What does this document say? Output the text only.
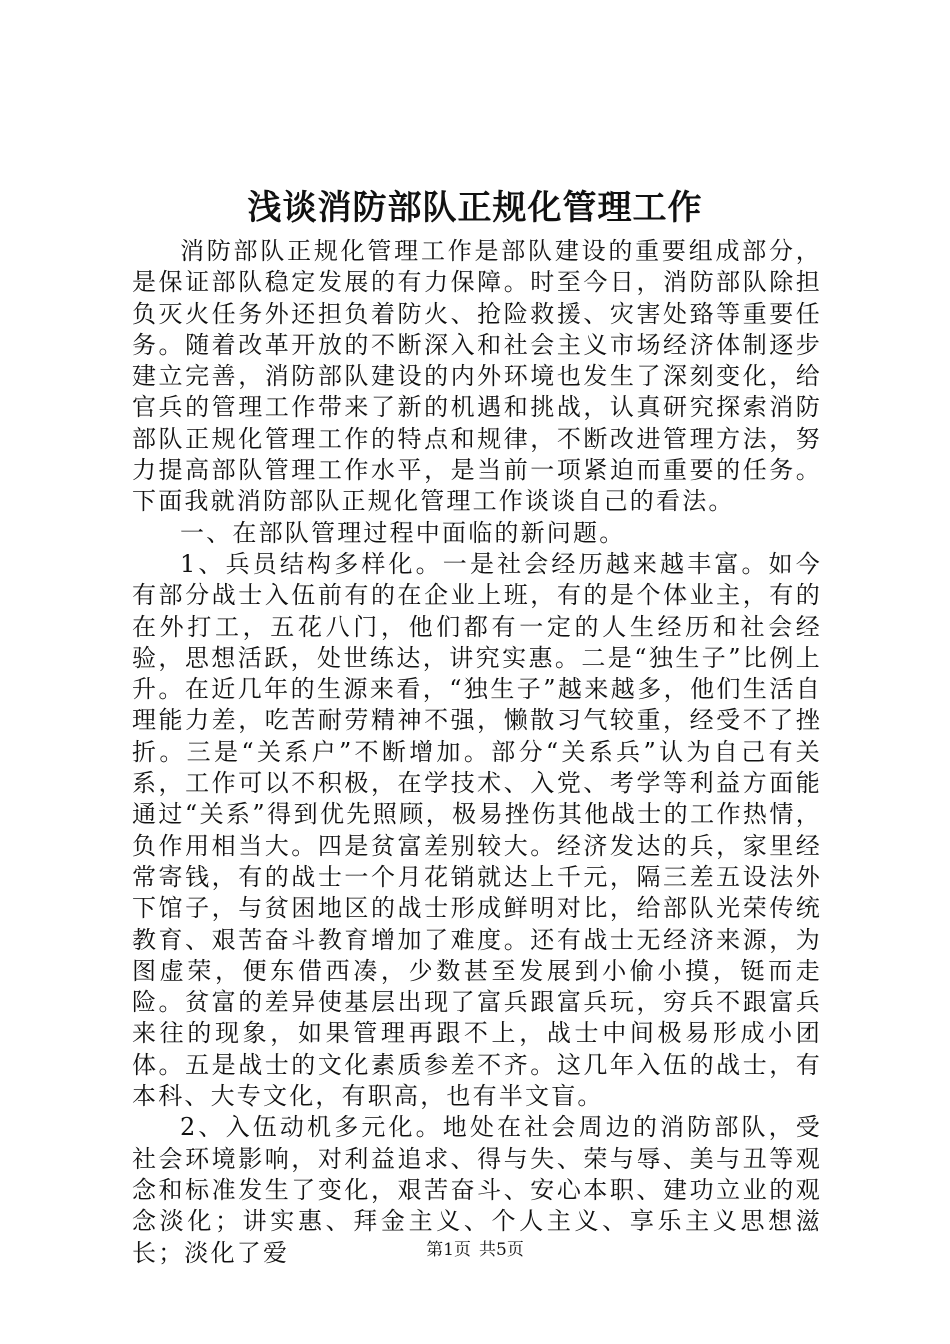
浅谈消防部队正规化管理工作

消防部队正规化管理工作是部队建设的重要组成部分，是保证部队稳定发展的有力保障。时至今日，消防部队除担负灭火任务外还担负着防火、抢险救援、灾害处臵等重要任务。随着改革开放的不断深入和社会主义市场经济体制逐步建立完善，消防部队建设的内外环境也发生了深刻变化，给官兵的管理工作带来了新的机遇和挑战，认真研究探索消防部队正规化管理工作的特点和规律，不断改进管理方法，努力提高部队管理工作水平，是当前一项紧迫而重要的任务。下面我就消防部队正规化管理工作谈谈自己的看法。

一、在部队管理过程中面临的新问题。

1、兵员结构多样化。一是社会经历越来越丰富。如今有部分战士入伍前有的在企业上班，有的是个体业主，有的在外打工，五花八门，他们都有一定的人生经历和社会经验，思想活跃，处世练达，讲究实惠。二是“独生子”比例上升。在近几年的生源来看，“独生子”越来越多，他们生活自理能力差，吃苦耐劳精神不强，懒散习气较重，经受不了挫折。三是“关系户”不断增加。部分“关系兵”认为自己有关系，工作可以不积极，在学技术、入党、考学等利益方面能通过“关系”得到优先照顾，极易挫伤其他战士的工作热情，负作用相当大。四是贫富差别较大。经济发达的兵，家里经常寄钱，有的战士一个月花销就达上千元，隔三差五设法外下馆子，与贫困地区的战士形成鲜明对比，给部队光荣传统教育、艰苦奋斗教育增加了难度。还有战士无经济来源，为图虚荣，便东借西凑，少数甚至发展到小偷小摸，铤而走险。贫富的差异使基层出现了富兵跟富兵玩，穷兵不跟富兵来往的现象，如果管理再跟不上，战士中间极易形成小团体。五是战士的文化素质参差不齐。这几年入伍的战士，有本科、大专文化，有职高，也有半文盲。

2、入伍动机多元化。地处在社会周边的消防部队，受社会环境影响，对利益追求、得与失、荣与辱、美与丑等观念和标准发生了变化，艰苦奋斗、安心本职、建功立业的观念淡化；讲实惠、拜金主义、个人主义、享乐主义思想滋长；淡化了爱	第1页 共5页
